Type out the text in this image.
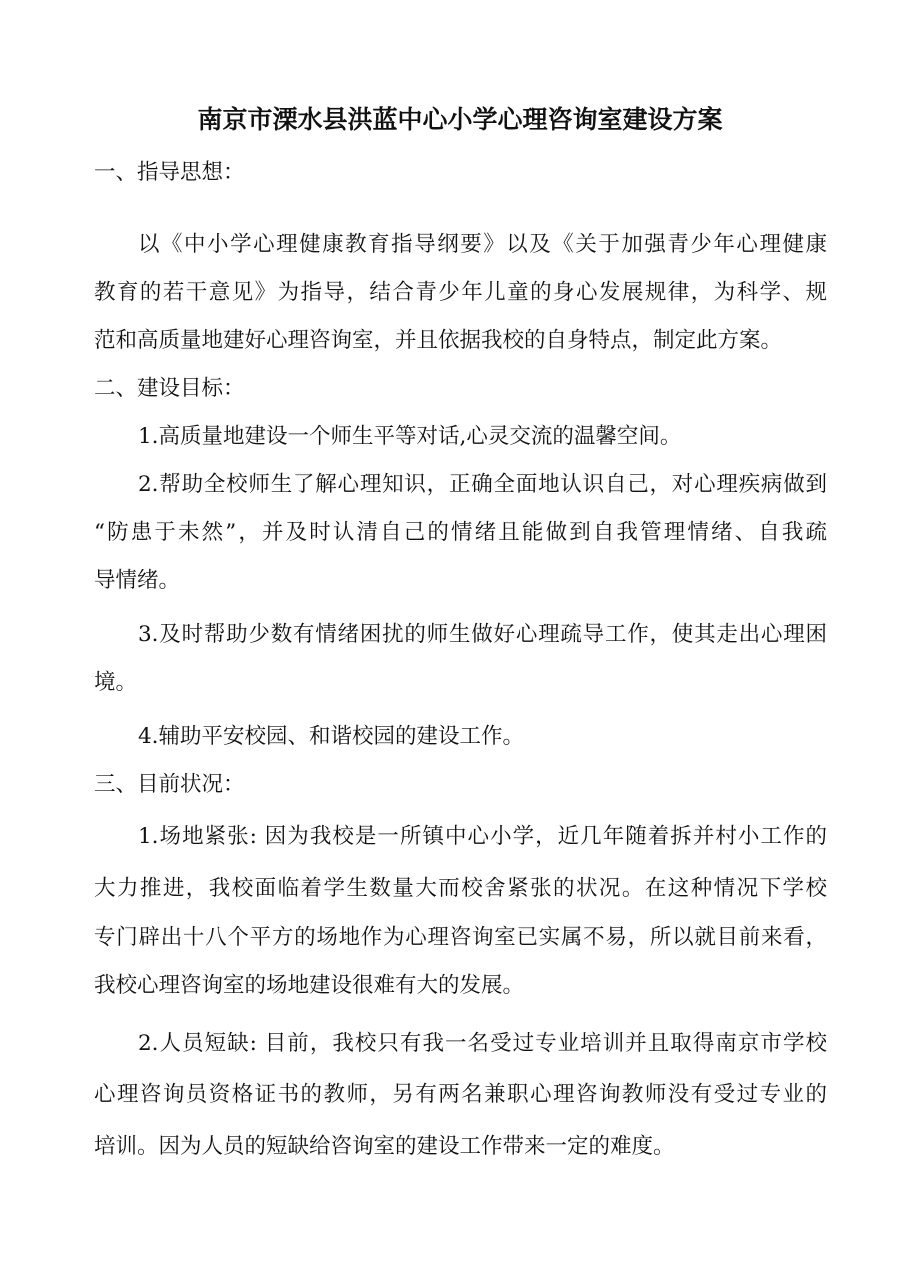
南京市溧水县洪蓝中心小学心理咨询室建设方案
一、指导思想：
以《中小学心理健康教育指导纲要》以及《关于加强青少年心理健康
教育的若干意见》为指导，结合青少年儿童的身心发展规律，为科学、规
范和高质量地建好心理咨询室，并且依据我校的自身特点，制定此方案。
二、建设目标：
1.高质量地建设一个师生平等对话,心灵交流的温馨空间。
2.帮助全校师生了解心理知识，正确全面地认识自己，对心理疾病做到
“防患于未然”，并及时认清自己的情绪且能做到自我管理情绪、自我疏
导情绪。
3.及时帮助少数有情绪困扰的师生做好心理疏导工作，使其走出心理困
境。
4.辅助平安校园、和谐校园的建设工作。
三、目前状况：
1.场地紧张: 因为我校是一所镇中心小学，近几年随着拆并村小工作的
大力推进，我校面临着学生数量大而校舍紧张的状况。在这种情况下学校
专门辟出十八个平方的场地作为心理咨询室已实属不易，所以就目前来看，
我校心理咨询室的场地建设很难有大的发展。
2.人员短缺: 目前，我校只有我一名受过专业培训并且取得南京市学校
心理咨询员资格证书的教师，另有两名兼职心理咨询教师没有受过专业的
培训。因为人员的短缺给咨询室的建设工作带来一定的难度。
